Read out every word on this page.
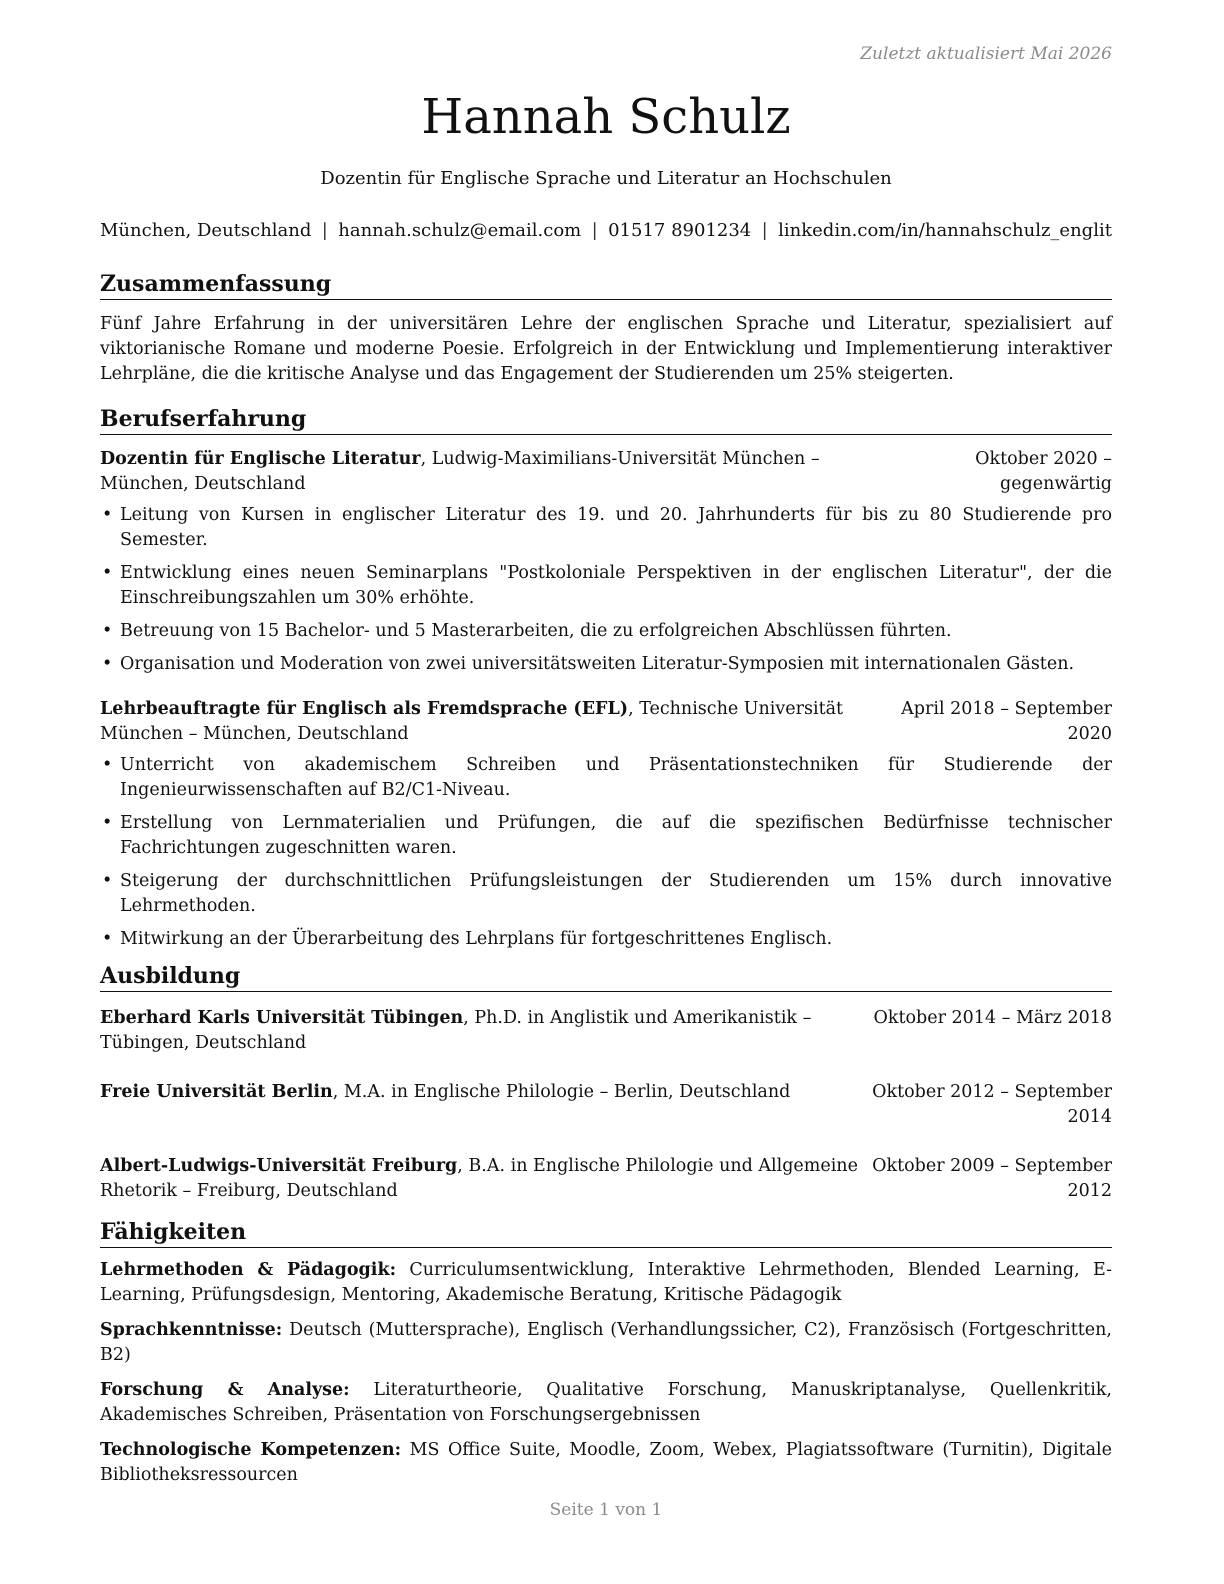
Zuletzt aktualisiert Mai 2026
Hannah Schulz
Dozentin für Englische Sprache und Literatur an Hochschulen
München, Deutschland | hannah.schulz@email.com | 01517 8901234 | linkedin.com/in/hannahschulz_englit
Zusammenfassung

Fünf Jahre Erfahrung in der universitären Lehre der englischen Sprache und Literatur, spezialisiert auf viktorianische Romane und moderne Poesie. Erfolgreich in der Entwicklung und Implementierung interaktiver Lehrpläne, die die kritische Analyse und das Engagement der Studierenden um 25% steigerten.

Berufserfahrung
Dozentin für Englische Literatur, Ludwig-Maximilians-Universität München – München, Deutschland
Oktober 2020 – gegenwärtig
• Leitung von Kursen in englischer Literatur des 19. und 20. Jahrhunderts für bis zu 80 Studierende pro Semester.
• Entwicklung eines neuen Seminarplans "Postkoloniale Perspektiven in der englischen Literatur", der die Einschreibungszahlen um 30% erhöhte.
• Betreuung von 15 Bachelor- und 5 Masterarbeiten, die zu erfolgreichen Abschlüssen führten.
• Organisation und Moderation von zwei universitätsweiten Literatur-Symposien mit internationalen Gästen.
Lehrbeauftragte für Englisch als Fremdsprache (EFL), Technische Universität München – München, Deutschland
April 2018 – September 2020
• Unterricht von akademischem Schreiben und Präsentationstechniken für Studierende der Ingenieurwissenschaften auf B2/C1-Niveau.
• Erstellung von Lernmaterialien und Prüfungen, die auf die spezifischen Bedürfnisse technischer Fachrichtungen zugeschnitten waren.
• Steigerung der durchschnittlichen Prüfungsleistungen der Studierenden um 15% durch innovative Lehrmethoden.
• Mitwirkung an der Überarbeitung des Lehrplans für fortgeschrittenes Englisch.
Ausbildung
Eberhard Karls Universität Tübingen, Ph.D. in Anglistik und Amerikanistik – Tübingen, Deutschland
Oktober 2014 – März 2018
Freie Universität Berlin, M.A. in Englische Philologie – Berlin, Deutschland	Oktober 2012 – September 2014
Albert-Ludwigs-Universität Freiburg, B.A. in Englische Philologie und Allgemeine Rhetorik – Freiburg, Deutschland
Oktober 2009 – September 2012
Fähigkeiten

Lehrmethoden & Pädagogik: Curriculumsentwicklung, Interaktive Lehrmethoden, Blended Learning, E-Learning, Prüfungsdesign, Mentoring, Akademische Beratung, Kritische Pädagogik

Sprachkenntnisse: Deutsch (Muttersprache), Englisch (Verhandlungssicher, C2), Französisch (Fortgeschritten, B2)

Forschung & Analyse: Literaturtheorie, Qualitative Forschung, Manuskriptanalyse, Quellenkritik, Akademisches Schreiben, Präsentation von Forschungsergebnissen

Technologische Kompetenzen: MS Office Suite, Moodle, Zoom, Webex, Plagiatssoftware (Turnitin), Digitale Bibliotheksressourcen

Seite 1 von 1
